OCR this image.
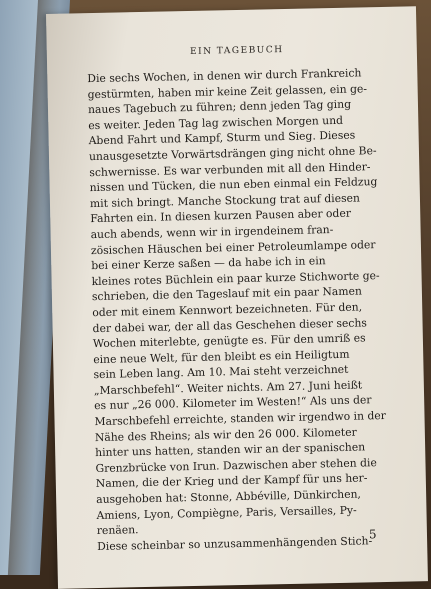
EIN TAGEBUCH
Die sechs Wochen, in denen wir durch Frankreich
gestürmten, haben mir keine Zeit gelassen, ein ge-
naues Tagebuch zu führen; denn jeden Tag ging
es weiter. Jeden Tag lag zwischen Morgen und
Abend Fahrt und Kampf, Sturm und Sieg. Dieses
unausgesetzte Vorwärtsdrängen ging nicht ohne Be-
schwernisse. Es war verbunden mit all den Hinder-
nissen und Tücken, die nun eben einmal ein Feldzug
mit sich bringt. Manche Stockung trat auf diesen
Fahrten ein. In diesen kurzen Pausen aber oder
auch abends, wenn wir in irgendeinem fran-
zösischen Häuschen bei einer Petroleumlampe oder
bei einer Kerze saßen — da habe ich in ein
kleines rotes Büchlein ein paar kurze Stichworte ge-
schrieben, die den Tageslauf mit ein paar Namen
oder mit einem Kennwort bezeichneten. Für den,
der dabei war, der all das Geschehen dieser sechs
Wochen miterlebte, genügte es. Für den umriß es
eine neue Welt, für den bleibt es ein Heiligtum
sein Leben lang. Am 10. Mai steht verzeichnet
„Marschbefehl“. Weiter nichts. Am 27. Juni heißt
es nur „26 000. Kilometer im Westen!“ Als uns der
Marschbefehl erreichte, standen wir irgendwo in der
Nähe des Rheins; als wir den 26 000. Kilometer
hinter uns hatten, standen wir an der spanischen
Grenzbrücke von Irun. Dazwischen aber stehen die
Namen, die der Krieg und der Kampf für uns her-
ausgehoben hat: Stonne, Abbéville, Dünkirchen,
Amiens, Lyon, Compiègne, Paris, Versailles, Py-
renäen.
Diese scheinbar so unzusammenhängenden Stich-
5
